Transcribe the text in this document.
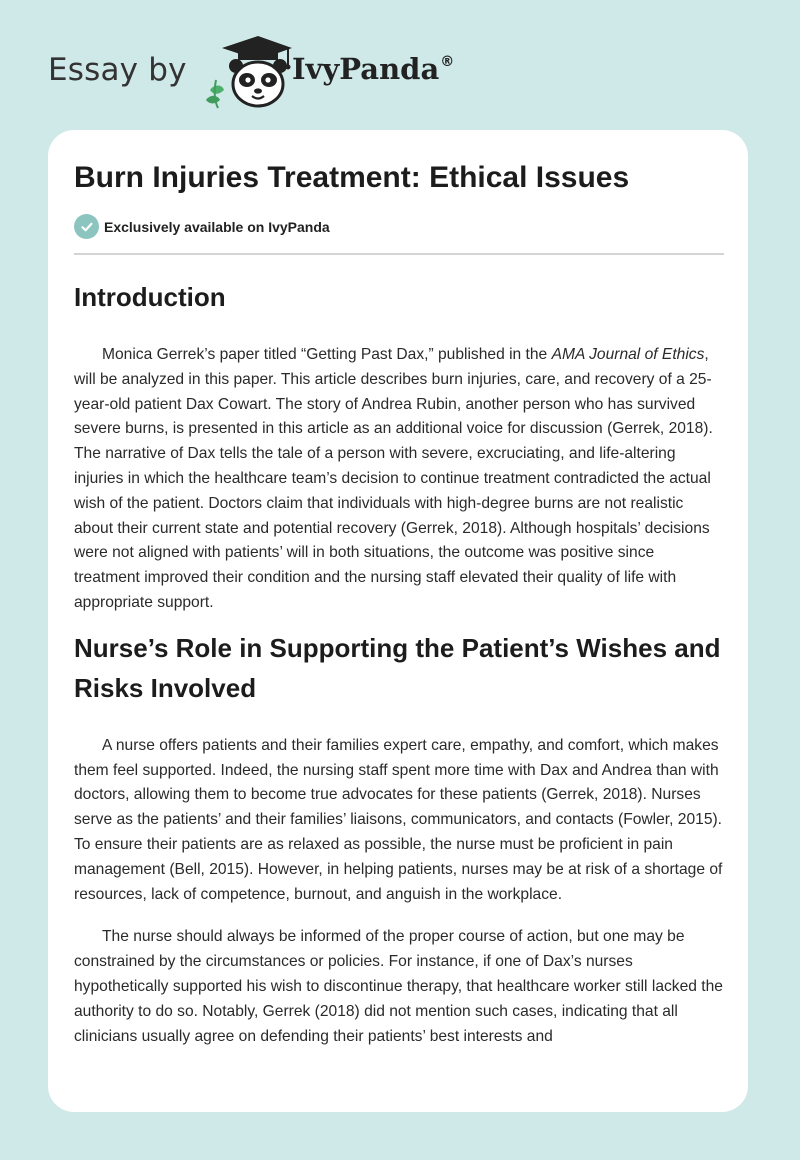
Essay by	IvyPanda®
Burn Injuries Treatment: Ethical Issues
Exclusively available on IvyPanda
Introduction

Monica Gerrek’s paper titled “Getting Past Dax,” published in the AMA Journal of Ethics, will be analyzed in this paper. This article describes burn injuries, care, and recovery of a 25-year-old patient Dax Cowart. The story of Andrea Rubin, another person who has survived severe burns, is presented in this article as an additional voice for discussion (Gerrek, 2018). The narrative of Dax tells the tale of a person with severe, excruciating, and life-altering injuries in which the healthcare team’s decision to continue treatment contradicted the actual wish of the patient. Doctors claim that individuals with high-degree burns are not realistic about their current state and potential recovery (Gerrek, 2018). Although hospitals’ decisions were not aligned with patients’ will in both situations, the outcome was positive since treatment improved their condition and the nursing staff elevated their quality of life with appropriate support.

Nurse’s Role in Supporting the Patient’s Wishes and Risks Involved

A nurse offers patients and their families expert care, empathy, and comfort, which makes them feel supported. Indeed, the nursing staff spent more time with Dax and Andrea than with doctors, allowing them to become true advocates for these patients (Gerrek, 2018). Nurses serve as the patients’ and their families’ liaisons, communicators, and contacts (Fowler, 2015). To ensure their patients are as relaxed as possible, the nurse must be proficient in pain management (Bell, 2015). However, in helping patients, nurses may be at risk of a shortage of resources, lack of competence, burnout, and anguish in the workplace.

The nurse should always be informed of the proper course of action, but one may be constrained by the circumstances or policies. For instance, if one of Dax’s nurses hypothetically supported his wish to discontinue therapy, that healthcare worker still lacked the authority to do so. Notably, Gerrek (2018) did not mention such cases, indicating that all clinicians usually agree on defending their patients’ best interests and
